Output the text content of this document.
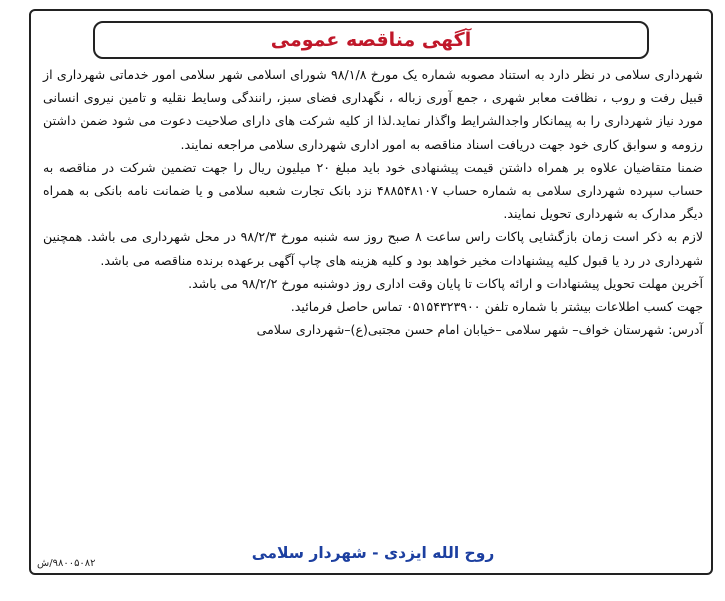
آگهی مناقصه عمومی

شهرداری سلامی در نظر دارد به استناد مصوبه شماره یک مورخ ۹۸/۱/۸ شورای اسلامی شهر سلامی امور خدماتی شهرداری از قبیل رفت و روب ، نظافت معابر شهری ، جمع آوری زباله ، نگهداری فضای سبز، رانندگی وسایط نقلیه و تامین نیروی انسانی مورد نیاز شهرداری را به پیمانکار واجدالشرایط واگذار نماید.لذا از کلیه شرکت های دارای صلاحیت دعوت می شود ضمن داشتن رزومه و سوابق کاری خود جهت دریافت اسناد مناقصه به امور اداری شهرداری سلامی مراجعه نمایند.

ضمنا متقاضیان علاوه بر همراه داشتن قیمت پیشنهادی خود باید مبلغ ۲۰ میلیون ریال را جهت تضمین شرکت در مناقصه به حساب سپرده شهرداری سلامی به شماره حساب ۴۸۸۵۴۸۱۰۷ نزد بانک تجارت شعبه سلامی و یا ضمانت نامه بانکی به همراه دیگر مدارک به شهرداری تحویل نمایند.

لازم به ذکر است زمان بازگشایی پاکات راس ساعت ۸ صبح روز سه شنبه مورخ ۹۸/۲/۳ در محل شهرداری می باشد. همچنین شهرداری در رد یا قبول کلیه پیشنهادات مخیر خواهد بود و کلیه هزینه های چاپ آگهی برعهده برنده مناقصه می باشد.

آخرین مهلت تحویل پیشنهادات و ارائه پاکات تا پایان وقت اداری روز دوشنبه مورخ ۹۸/۲/۲ می باشد.

جهت کسب اطلاعات بیشتر با شماره تلفن ۰۵۱۵۴۳۲۳۹۰۰ تماس حاصل فرمائید.

آدرس: شهرستان خواف– شهر سلامی –خیابان امام حسن مجتبی(ع)–شهرداری سلامی

روح الله ایزدی - شهردار سلامی
۹۸۰۰۵۰۸۲/ش
